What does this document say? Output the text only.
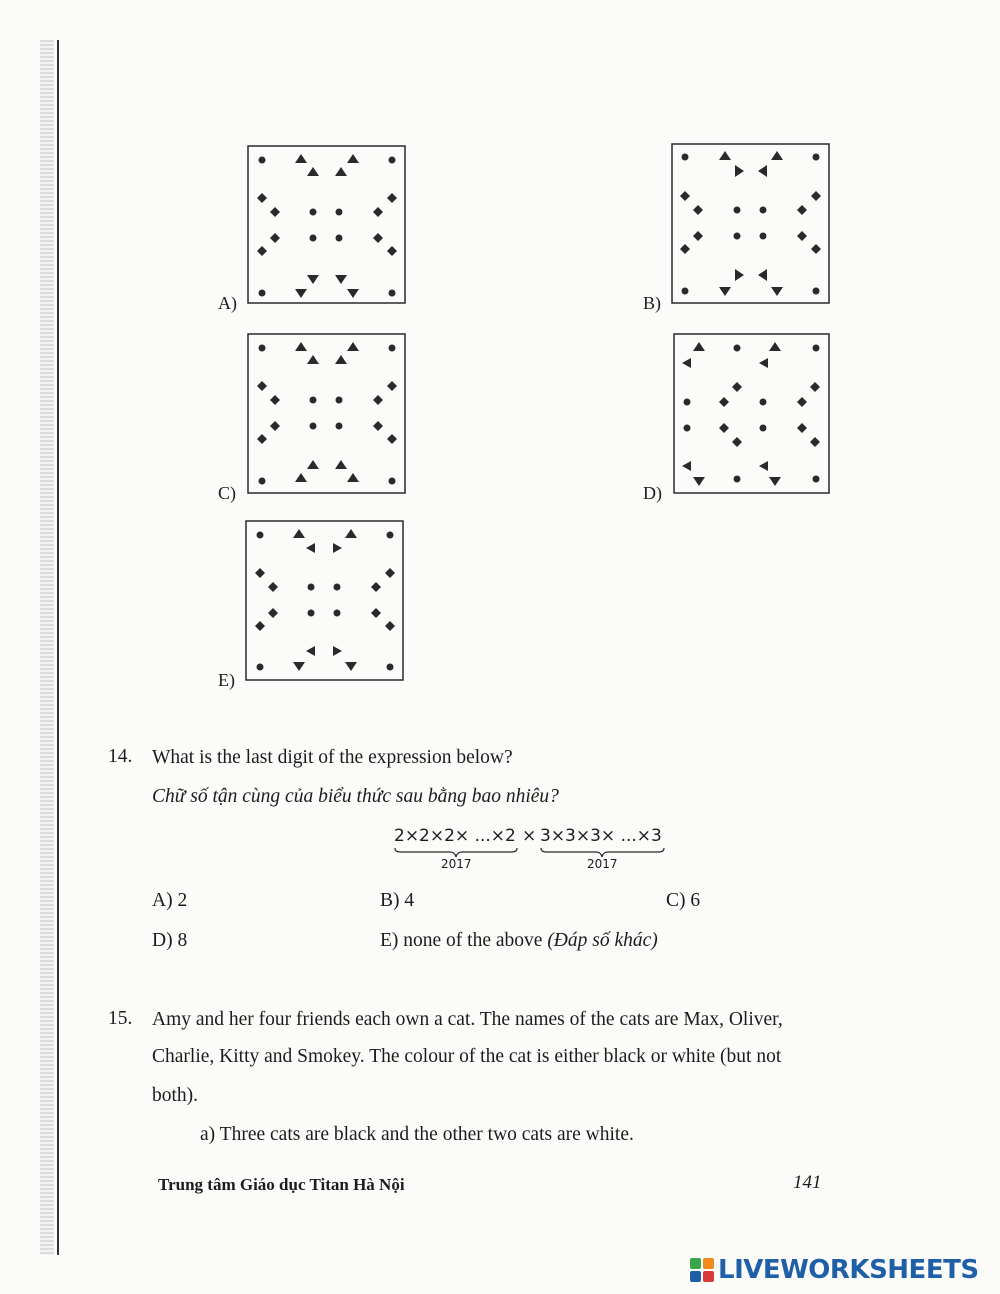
A)	B)
C)	D)
E)
14. What is the last digit of the expression below?
Chữ số tận cùng của biểu thức sau bằng bao nhiêu?
2×2×2× ...×2 × 3×3×3× ...×3
2017	2017
A) 2	B) 4	C) 6
D) 8	E) none of the above (Đáp số khác)
15. Amy and her four friends each own a cat. The names of the cats are Max, Oliver,
Charlie, Kitty and Smokey. The colour of the cat is either black or white (but not
both).
a) Three cats are black and the other two cats are white.
Trung tâm Giáo dục Titan Hà Nội	141
LIVEWORKSHEETS
